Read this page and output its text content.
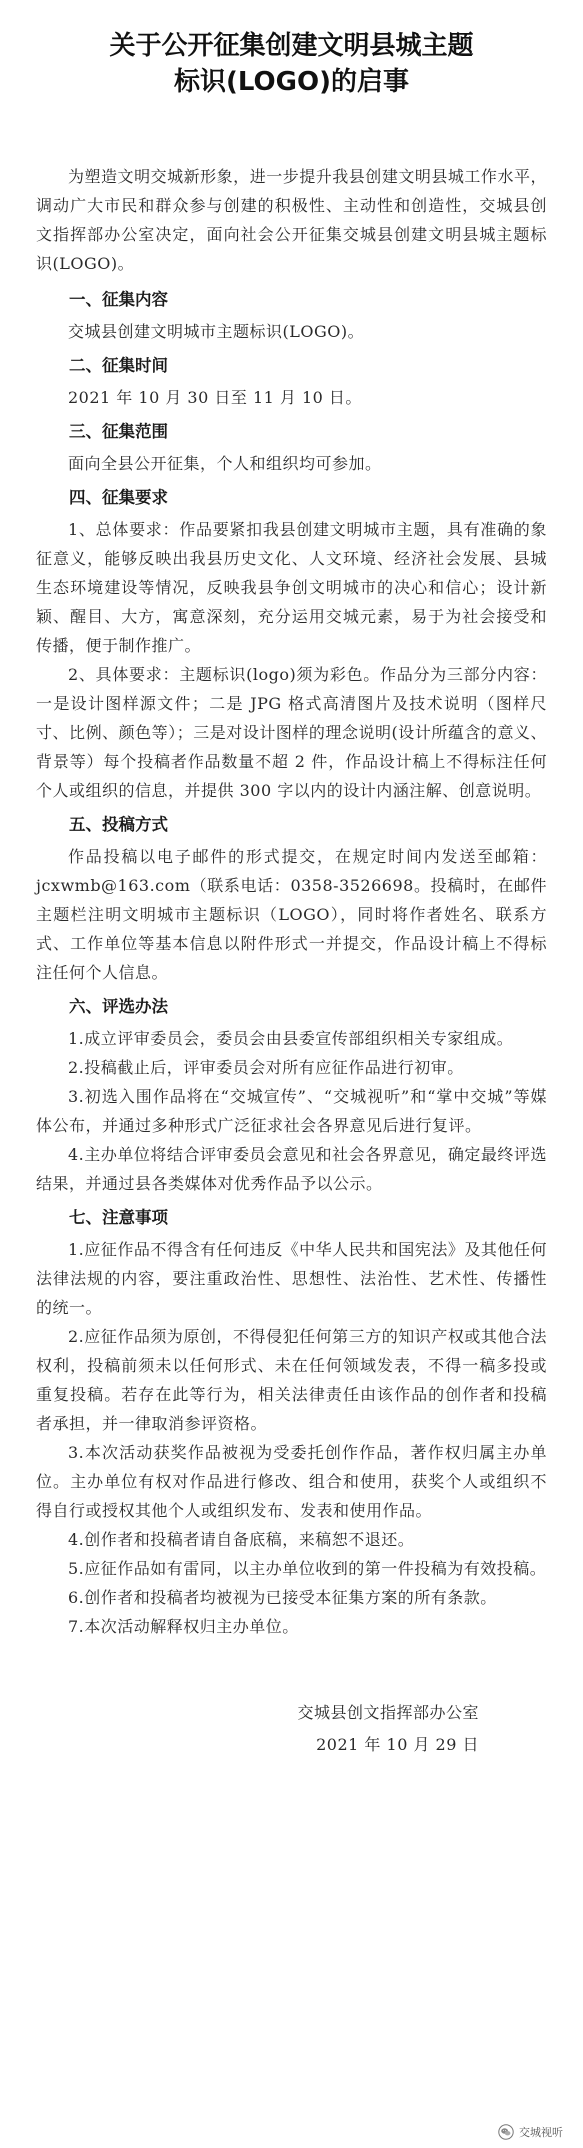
关于公开征集创建文明县城主题
标识(LOGO)的启事

为塑造文明交城新形象，进一步提升我县创建文明县城工作水平，调动广大市民和群众参与创建的积极性、主动性和创造性，交城县创文指挥部办公室决定，面向社会公开征集交城县创建文明县城主题标识(LOGO)。

一、征集内容

交城县创建文明城市主题标识(LOGO)。

二、征集时间

2021 年 10 月 30 日至 11 月 10 日。

三、征集范围

面向全县公开征集，个人和组织均可参加。

四、征集要求

1、总体要求：作品要紧扣我县创建文明城市主题，具有准确的象征意义，能够反映出我县历史文化、人文环境、经济社会发展、县城生态环境建设等情况，反映我县争创文明城市的决心和信心；设计新颖、醒目、大方，寓意深刻，充分运用交城元素，易于为社会接受和传播，便于制作推广。

2、具体要求：主题标识(logo)须为彩色。作品分为三部分内容：一是设计图样源文件；二是 JPG 格式高清图片及技术说明（图样尺寸、比例、颜色等）；三是对设计图样的理念说明(设计所蕴含的意义、背景等）每个投稿者作品数量不超 2 件，作品设计稿上不得标注任何个人或组织的信息，并提供 300 字以内的设计内涵注解、创意说明。

五、投稿方式

作品投稿以电子邮件的形式提交，在规定时间内发送至邮箱：jcxwmb@163.com（联系电话：0358-3526698。投稿时，在邮件主题栏注明文明城市主题标识（LOGO），同时将作者姓名、联系方式、工作单位等基本信息以附件形式一并提交，作品设计稿上不得标注任何个人信息。

六、评选办法

1.成立评审委员会，委员会由县委宣传部组织相关专家组成。

2.投稿截止后，评审委员会对所有应征作品进行初审。

3.初选入围作品将在“交城宣传”、“交城视听”和“掌中交城”等媒体公布，并通过多种形式广泛征求社会各界意见后进行复评。

4.主办单位将结合评审委员会意见和社会各界意见，确定最终评选结果，并通过县各类媒体对优秀作品予以公示。

七、注意事项

1.应征作品不得含有任何违反《中华人民共和国宪法》及其他任何法律法规的内容，要注重政治性、思想性、法治性、艺术性、传播性的统一。

2.应征作品须为原创，不得侵犯任何第三方的知识产权或其他合法权利，投稿前须未以任何形式、未在任何领域发表，不得一稿多投或重复投稿。若存在此等行为，相关法律责任由该作品的创作者和投稿者承担，并一律取消参评资格。

3.本次活动获奖作品被视为受委托创作作品，著作权归属主办单位。主办单位有权对作品进行修改、组合和使用，获奖个人或组织不得自行或授权其他个人或组织发布、发表和使用作品。

4.创作者和投稿者请自备底稿，来稿恕不退还。

5.应征作品如有雷同，以主办单位收到的第一件投稿为有效投稿。

6.创作者和投稿者均被视为已接受本征集方案的所有条款。

7.本次活动解释权归主办单位。

交城县创文指挥部办公室
2021 年 10 月 29 日
交城视听
